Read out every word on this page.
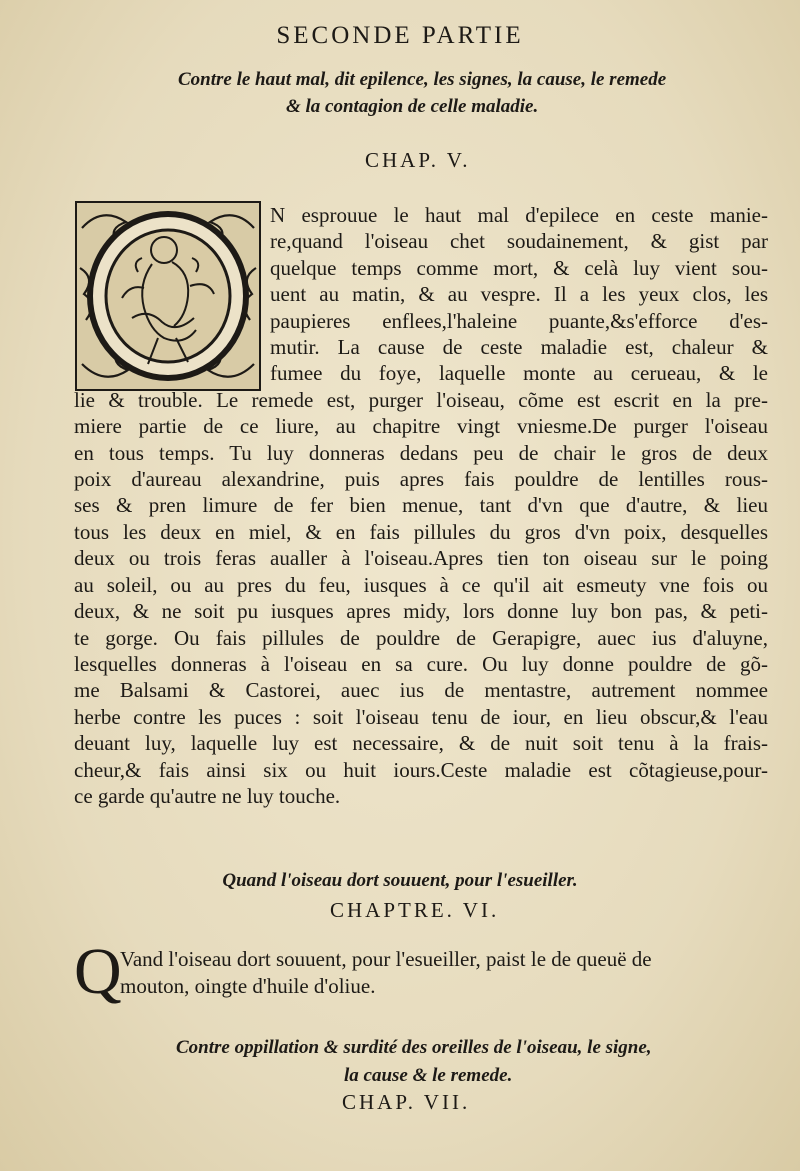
SECONDE PARTIE
Contre le haut mal, dit epilence, les signes, la cause, le remede
& la contagion de celle maladie.
CHAP. V.
N esprouue le haut mal d'epilece en ceste manie-
re,quand l'oiseau chet soudainement, & gist par
quelque temps comme mort, & celà luy vient sou-
uent au matin, & au vespre. Il a les yeux clos, les
paupieres enflees,l'haleine puante,&s'efforce d'es-
mutir. La cause de ceste maladie est, chaleur &
fumee du foye, laquelle monte au cerueau, & le
lie & trouble. Le remede est, purger l'oiseau, cõme est escrit en la pre-
miere partie de ce liure, au chapitre vingt vniesme.De purger l'oiseau
en tous temps. Tu luy donneras dedans peu de chair le gros de deux
poix d'aureau alexandrine, puis apres fais pouldre de lentilles rous-
ses & pren limure de fer bien menue, tant d'vn que d'autre, & lieu
tous les deux en miel, & en fais pillules du gros d'vn poix, desquelles
deux ou trois feras aualler à l'oiseau.Apres tien ton oiseau sur le poing
au soleil, ou au pres du feu, iusques à ce qu'il ait esmeuty vne fois ou
deux, & ne soit pu iusques apres midy, lors donne luy bon pas, & peti-
te gorge. Ou fais pillules de pouldre de Gerapigre, auec ius d'aluyne,
lesquelles donneras à l'oiseau en sa cure. Ou luy donne pouldre de gõ-
me Balsami & Castorei, auec ius de mentastre, autrement nommee
herbe contre les puces : soit l'oiseau tenu de iour, en lieu obscur,& l'eau
deuant luy, laquelle luy est necessaire, & de nuit soit tenu à la frais-
cheur,& fais ainsi six ou huit iours.Ceste maladie est cõtagieuse,pour-
ce garde qu'autre ne luy touche.
Quand l'oiseau dort souuent, pour l'esueiller.
CHAPTRE. VI.
Q
Vand l'oiseau dort souuent, pour l'esueiller, paist le de queuë de
mouton, oingte d'huile d'oliue.
Contre oppillation & surdité des oreilles de l'oiseau, le signe,
la cause & le remede.
CHAP. VII.
